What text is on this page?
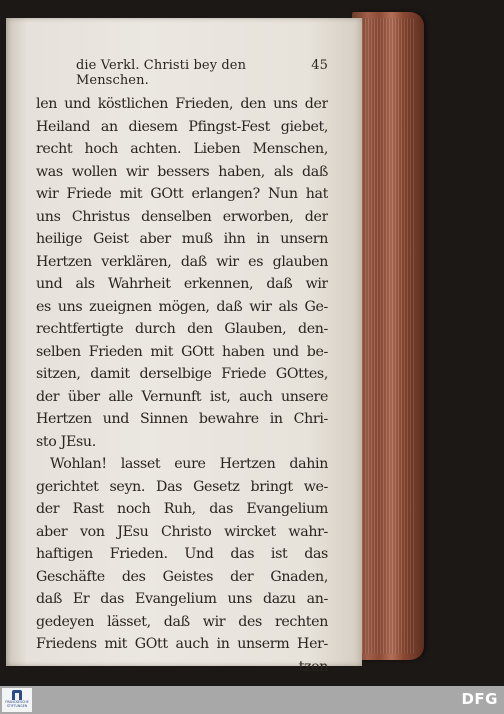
die Verkl. Christi bey den Menschen.
45
len und köstlichen Frieden, den uns der
Heiland an diesem Pfingst-Fest giebet,
recht hoch achten. Lieben Menschen,
was wollen wir bessers haben, als daß
wir Friede mit GOtt erlangen? Nun hat
uns Christus denselben erworben, der
heilige Geist aber muß ihn in unsern
Hertzen verklären, daß wir es glauben
und als Wahrheit erkennen, daß wir
es uns zueignen mögen, daß wir als Ge-
rechtfertigte durch den Glauben, den-
selben Frieden mit GOtt haben und be-
sitzen, damit derselbige Friede GOttes,
der über alle Vernunft ist, auch unsere
Hertzen und Sinnen bewahre in Chri-
sto JEsu.
Wohlan! lasset eure Hertzen dahin
gerichtet seyn. Das Gesetz bringt we-
der Rast noch Ruh, das Evangelium
aber von JEsu Christo wircket wahr-
haftigen Frieden. Und das ist das
Geschäfte des Geistes der Gnaden,
daß Er das Evangelium uns dazu an-
gedeyen lässet, daß wir des rechten
Friedens mit GOtt auch in unserm Her-
tzen
FRANCKESCHE STIFTUNGEN	DFG
